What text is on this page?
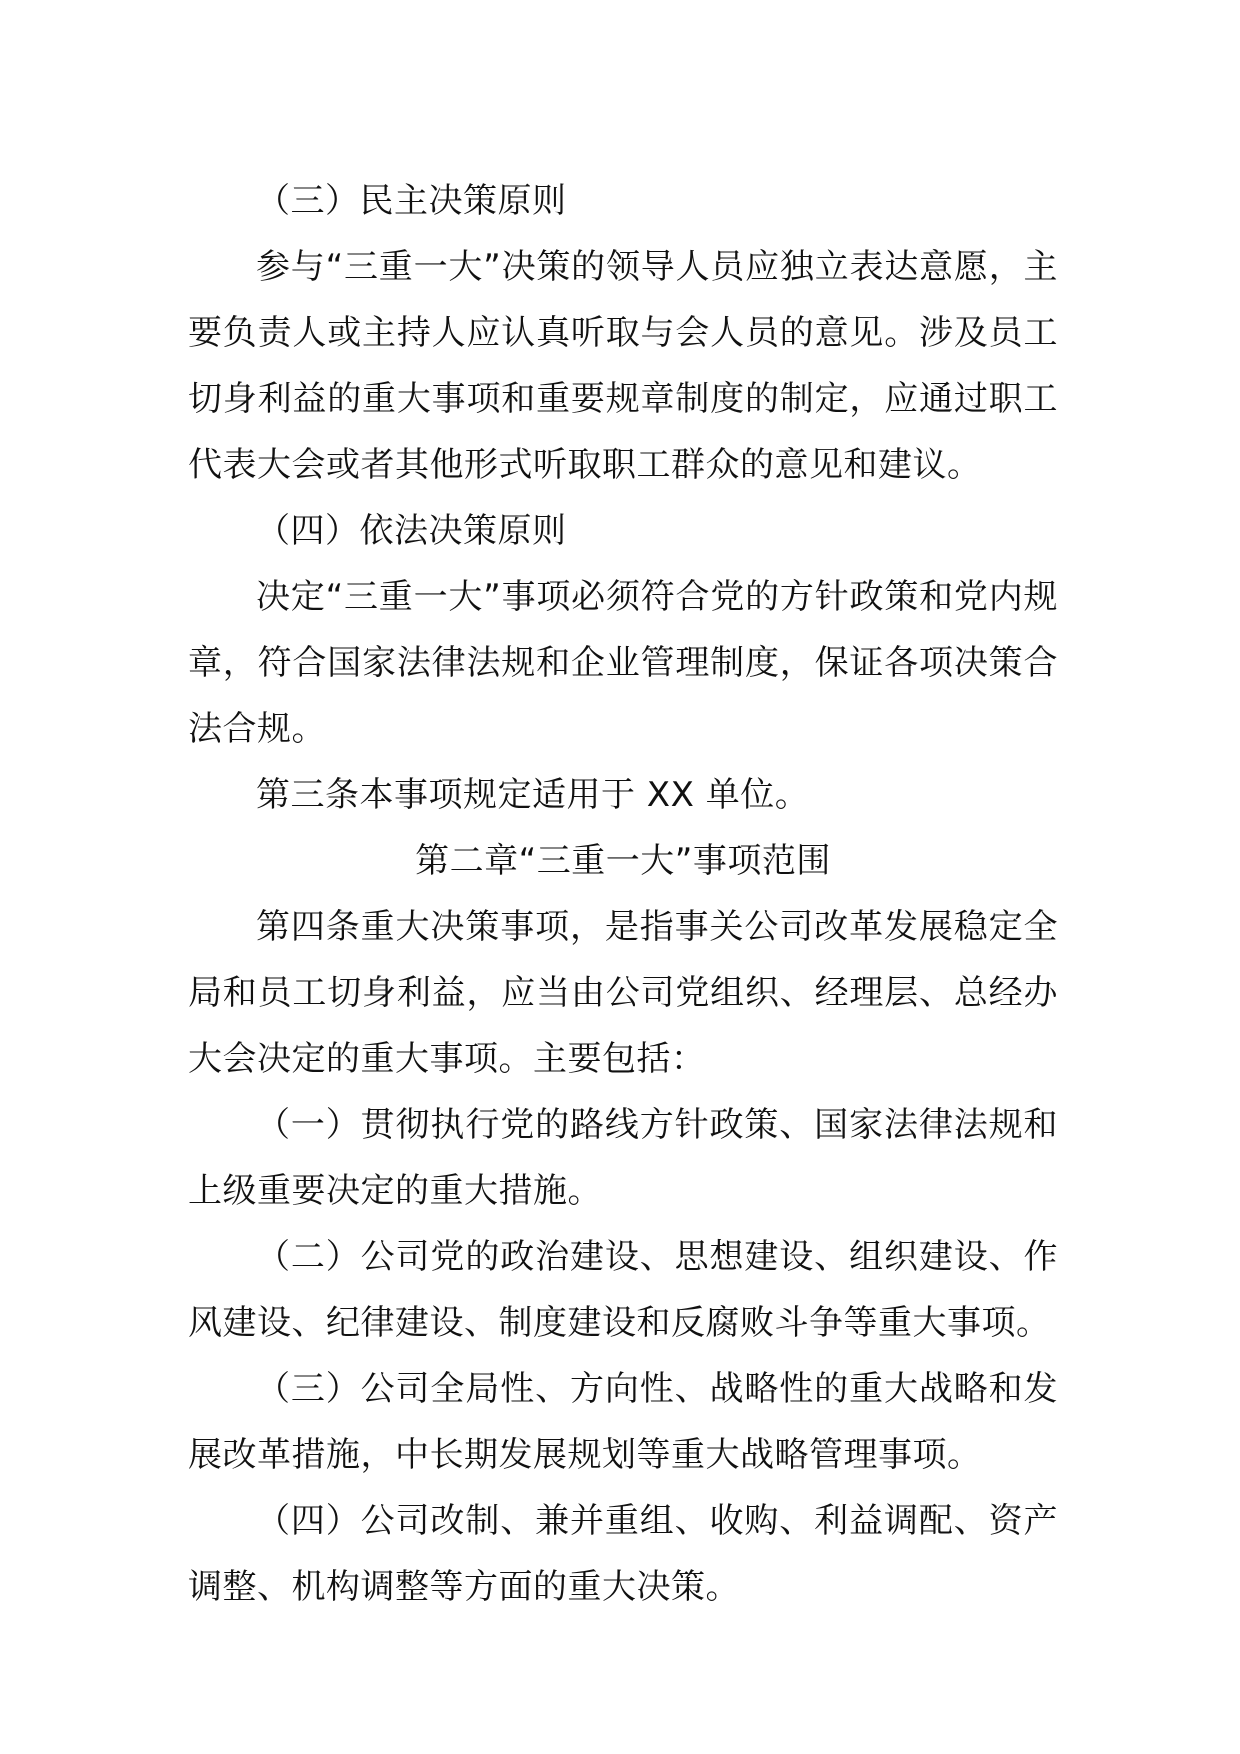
（三）民主决策原则

参与“三重一大”决策的领导人员应独立表达意愿，主要负责人或主持人应认真听取与会人员的意见。涉及员工切身利益的重大事项和重要规章制度的制定，应通过职工代表大会或者其他形式听取职工群众的意见和建议。

（四）依法决策原则

决定“三重一大”事项必须符合党的方针政策和党内规章，符合国家法律法规和企业管理制度，保证各项决策合法合规。

第三条本事项规定适用于 XX 单位。

第二章“三重一大”事项范围

第四条重大决策事项，是指事关公司改革发展稳定全局和员工切身利益，应当由公司党组织、经理层、总经办大会决定的重大事项。主要包括：

（一）贯彻执行党的路线方针政策、国家法律法规和上级重要决定的重大措施。

（二）公司党的政治建设、思想建设、组织建设、作风建设、纪律建设、制度建设和反腐败斗争等重大事项。

（三）公司全局性、方向性、战略性的重大战略和发展改革措施，中长期发展规划等重大战略管理事项。

（四）公司改制、兼并重组、收购、利益调配、资产调整、机构调整等方面的重大决策。
